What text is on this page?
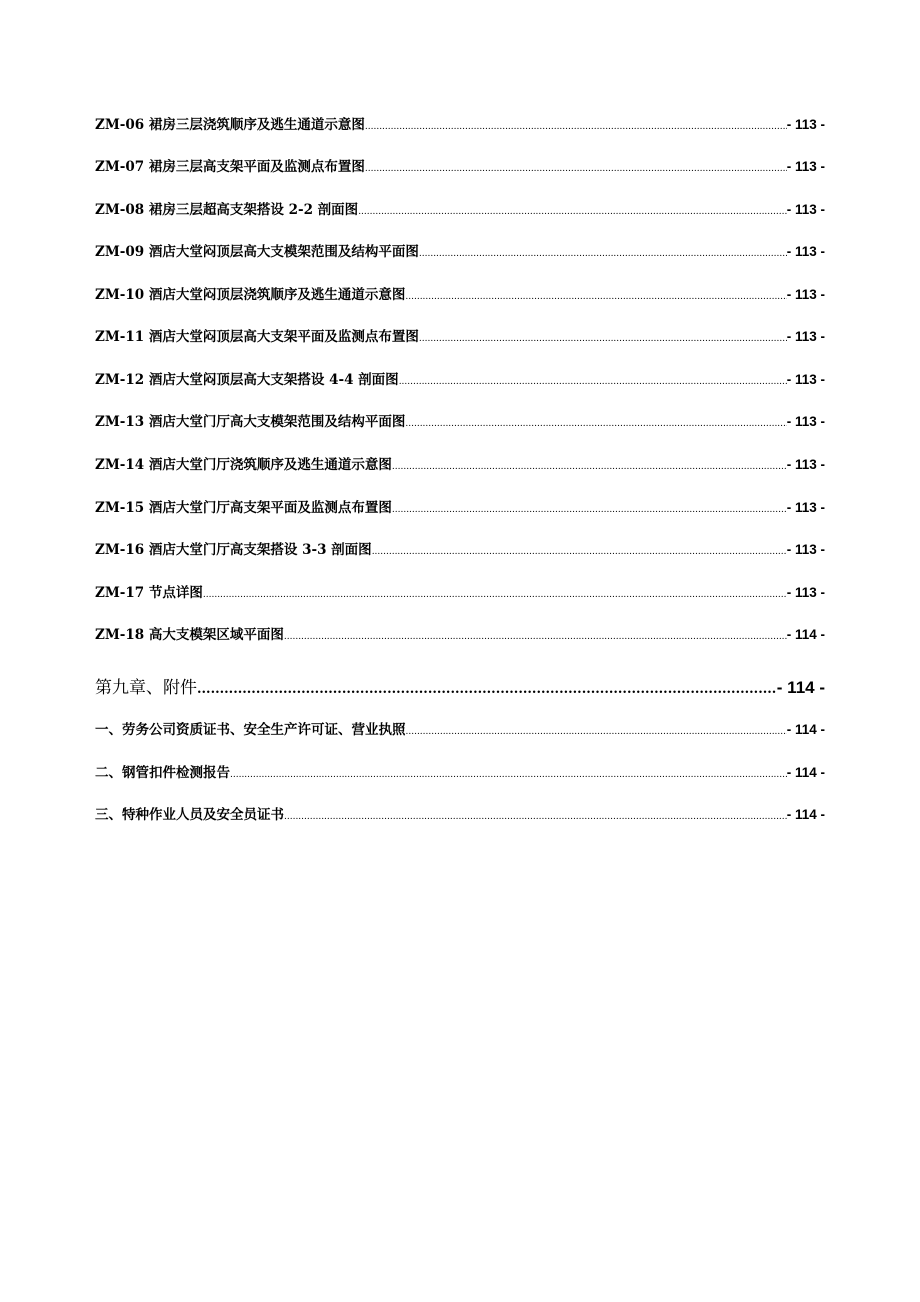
ZM-06 裙房三层浇筑顺序及逃生通道示意图 .....	- 113 -
ZM-07 裙房三层高支架平面及监测点布置图 .....	- 113 -
ZM-08 裙房三层超高支架搭设 2-2 剖面图 .....	- 113 -
ZM-09 酒店大堂闷顶层高大支模架范围及结构平面图 .....	- 113 -
ZM-10 酒店大堂闷顶层浇筑顺序及逃生通道示意图 .....	- 113 -
ZM-11 酒店大堂闷顶层高大支架平面及监测点布置图 .....	- 113 -
ZM-12 酒店大堂闷顶层高大支架搭设 4-4 剖面图 .....	- 113 -
ZM-13 酒店大堂门厅高大支模架范围及结构平面图 .....	- 113 -
ZM-14 酒店大堂门厅浇筑顺序及逃生通道示意图 .....	- 113 -
ZM-15 酒店大堂门厅高支架平面及监测点布置图 .....	- 113 -
ZM-16 酒店大堂门厅高支架搭设 3-3 剖面图 .....	- 113 -
ZM-17 节点详图 .....	- 113 -
ZM-18 高大支模架区域平面图 .....	- 114 -
第九章、附件 .....	- 114 -
一、劳务公司资质证书、安全生产许可证、营业执照 .....	- 114 -
二、钢管扣件检测报告 .....	- 114 -
三、特种作业人员及安全员证书 .....	- 114 -
